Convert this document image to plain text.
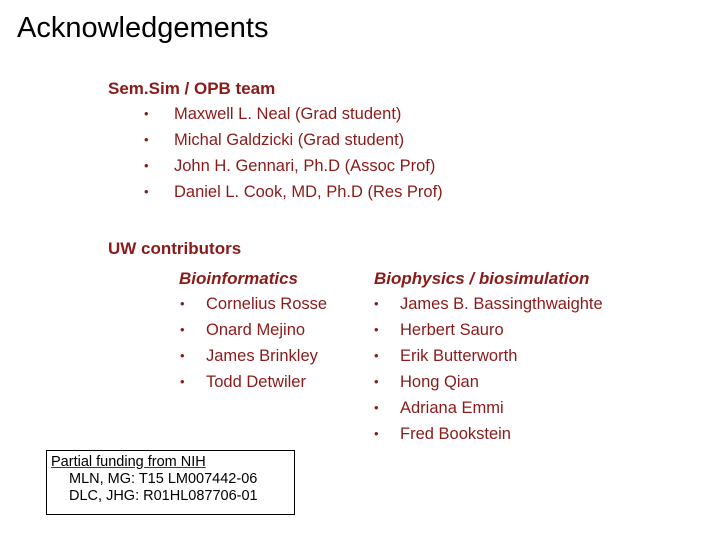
Acknowledgements
Sem.Sim / OPB team
• Maxwell L. Neal (Grad student)
• Michal Galdzicki (Grad student)
• John H. Gennari, Ph.D (Assoc Prof)
• Daniel L. Cook, MD, Ph.D (Res Prof)
UW contributors
Bioinformatics
• Cornelius Rosse
• Onard Mejino
• James Brinkley
• Todd Detwiler
Biophysics / biosimulation
• James B. Bassingthwaighte
• Herbert Sauro
• Erik Butterworth
• Hong Qian
• Adriana Emmi
• Fred Bookstein
Partial funding from NIH
MLN, MG: T15 LM007442-06
DLC, JHG: R01HL087706-01
